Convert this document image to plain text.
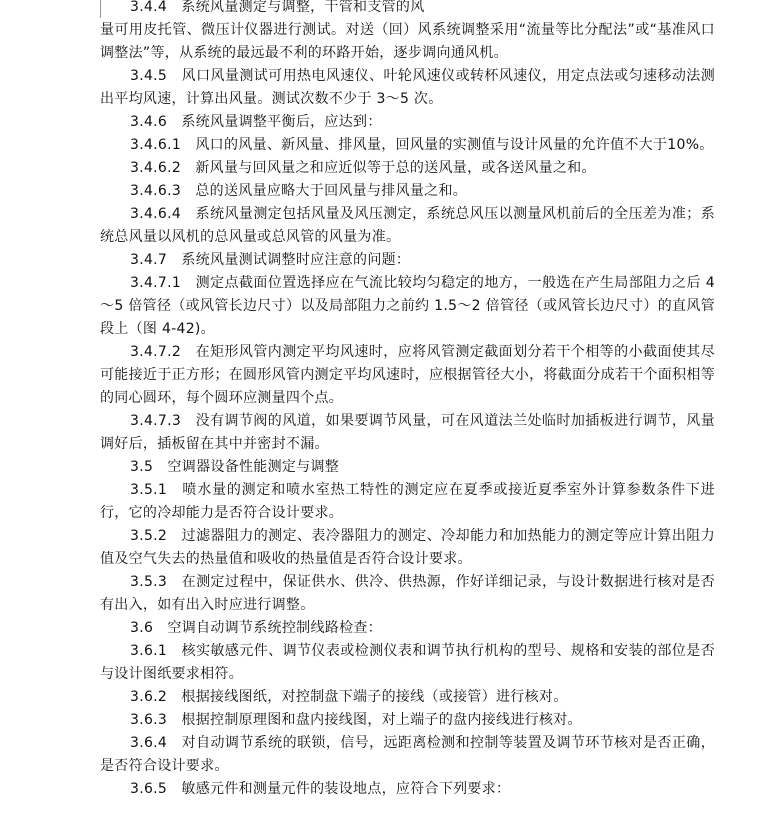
3.4.4　系统风量测定与调整，干管和支管的风

量可用皮托管、微压计仪器进行测试。对送（回）风系统调整采用“流量等比分配法”或“基准风口调整法”等，从系统的最远最不利的环路开始，逐步调向通风机。

3.4.5　风口风量测试可用热电风速仪、叶轮风速仪或转杯风速仪，用定点法或匀速移动法测出平均风速，计算出风量。测试次数不少于 3～5 次。

3.4.6　系统风量调整平衡后，应达到：

3.4.6.1　风口的风量、新风量、排风量，回风量的实测值与设计风量的允许值不大于10%。

3.4.6.2　新风量与回风量之和应近似等于总的送风量，或各送风量之和。

3.4.6.3　总的送风量应略大于回风量与排风量之和。

3.4.6.4　系统风量测定包括风量及风压测定，系统总风压以测量风机前后的全压差为准；系统总风量以风机的总风量或总风管的风量为准。

3.4.7　系统风量测试调整时应注意的问题：

3.4.7.1　测定点截面位置选择应在气流比较均匀稳定的地方，一般选在产生局部阻力之后 4～5 倍管径（或风管长边尺寸）以及局部阻力之前约 1.5～2 倍管径（或风管长边尺寸）的直风管段上（图 4-42)。

3.4.7.2　在矩形风管内测定平均风速时，应将风管测定截面划分若干个相等的小截面使其尽可能接近于正方形；在圆形风管内测定平均风速时，应根据管径大小，将截面分成若干个面积相等的同心圆环，每个圆环应测量四个点。

3.4.7.3　没有调节阀的风道，如果要调节风量，可在风道法兰处临时加插板进行调节，风量调好后，插板留在其中并密封不漏。

3.5　空调器设备性能测定与调整

3.5.1　喷水量的测定和喷水室热工特性的测定应在夏季或接近夏季室外计算参数条件下进行，它的冷却能力是否符合设计要求。

3.5.2　过滤器阻力的测定、表冷器阻力的测定、冷却能力和加热能力的测定等应计算出阻力值及空气失去的热量值和吸收的热量值是否符合设计要求。

3.5.3　在测定过程中，保证供水、供冷、供热源，作好详细记录，与设计数据进行核对是否有出入，如有出入时应进行调整。

3.6　空调自动调节系统控制线路检查：

3.6.1　核实敏感元件、调节仪表或检测仪表和调节执行机构的型号、规格和安装的部位是否与设计图纸要求相符。

3.6.2　根据接线图纸，对控制盘下端子的接线（或接管）进行核对。

3.6.3　根据控制原理图和盘内接线图，对上端子的盘内接线进行核对。

3.6.4　对自动调节系统的联锁，信号，远距离检测和控制等装置及调节环节核对是否正确，是否符合设计要求。

3.6.5　敏感元件和测量元件的装设地点，应符合下列要求：
